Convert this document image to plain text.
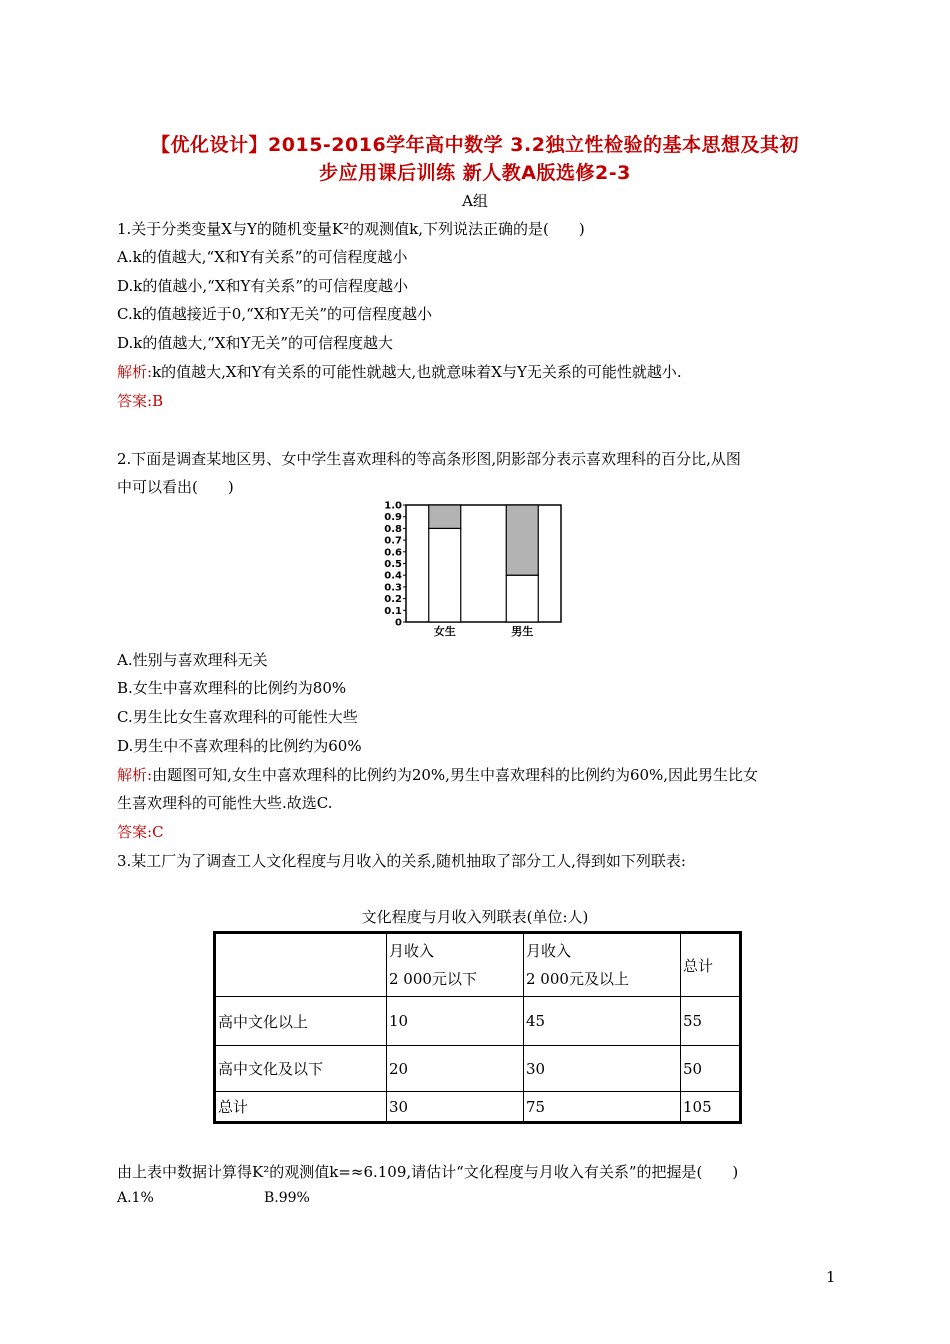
【优化设计】2015-2016学年高中数学 3.2独立性检验的基本思想及其初
步应用课后训练 新人教A版选修2-3
A组
1.关于分类变量X与Y的随机变量K²的观测值k,下列说法正确的是(　　)
A.k的值越大,“X和Y有关系”的可信程度越小
D.k的值越小,“X和Y有关系”的可信程度越小
C.k的值越接近于0,“X和Y无关”的可信程度越小
D.k的值越大,“X和Y无关”的可信程度越大
解析:k的值越大,X和Y有关系的可能性就越大,也就意味着X与Y无关系的可能性就越小.
答案:B
2.下面是调查某地区男、女中学生喜欢理科的等高条形图,阴影部分表示喜欢理科的百分比,从图
中可以看出(　　)
0
0.1
0.2
0.3
0.4
0.5
0.6
0.7
0.8
0.9
1.0
女生	男生
A.性别与喜欢理科无关
B.女生中喜欢理科的比例约为80%
C.男生比女生喜欢理科的可能性大些
D.男生中不喜欢理科的比例约为60%
解析:由题图可知,女生中喜欢理科的比例约为20%,男生中喜欢理科的比例约为60%,因此男生比女
生喜欢理科的可能性大些.故选C.
答案:C
3.某工厂为了调查工人文化程度与月收入的关系,随机抽取了部分工人,得到如下列联表:
文化程度与月收入列联表(单位:人)
	月收入
2 000元以下	月收入
2 000元及以上	总计
高中文化以上	10	45	55
高中文化及以下	20	30	50
总计	30	75	105
由上表中数据计算得K²的观测值k=≈6.109,请估计“文化程度与月收入有关系”的把握是(　　)
A.1%	B.99%
1
